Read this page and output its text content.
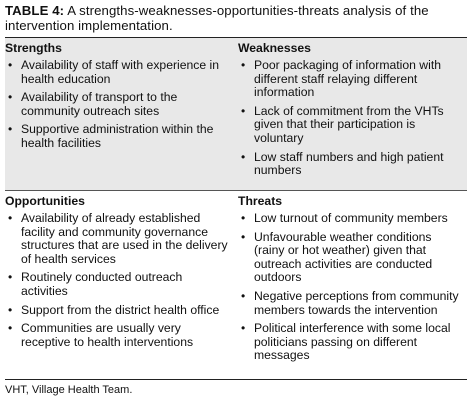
TABLE 4: A strengths-weaknesses-opportunities-threats analysis of the intervention implementation.
Strengths
• Availability of staff with experience in health education
• Availability of transport to the community outreach sites
• Supportive administration within the health facilities
Weaknesses
• Poor packaging of information with different staff relaying different information
• Lack of commitment from the VHTs given that their participation is voluntary
• Low staff numbers and high patient numbers
Opportunities
• Availability of already established facility and community governance structures that are used in the delivery of health services
• Routinely conducted outreach activities
• Support from the district health office
• Communities are usually very receptive to health interventions
Threats
• Low turnout of community members
• Unfavourable weather conditions (rainy or hot weather) given that outreach activities are conducted outdoors
• Negative perceptions from community members towards the intervention
• Political interference with some local politicians passing on different messages
VHT, Village Health Team.
